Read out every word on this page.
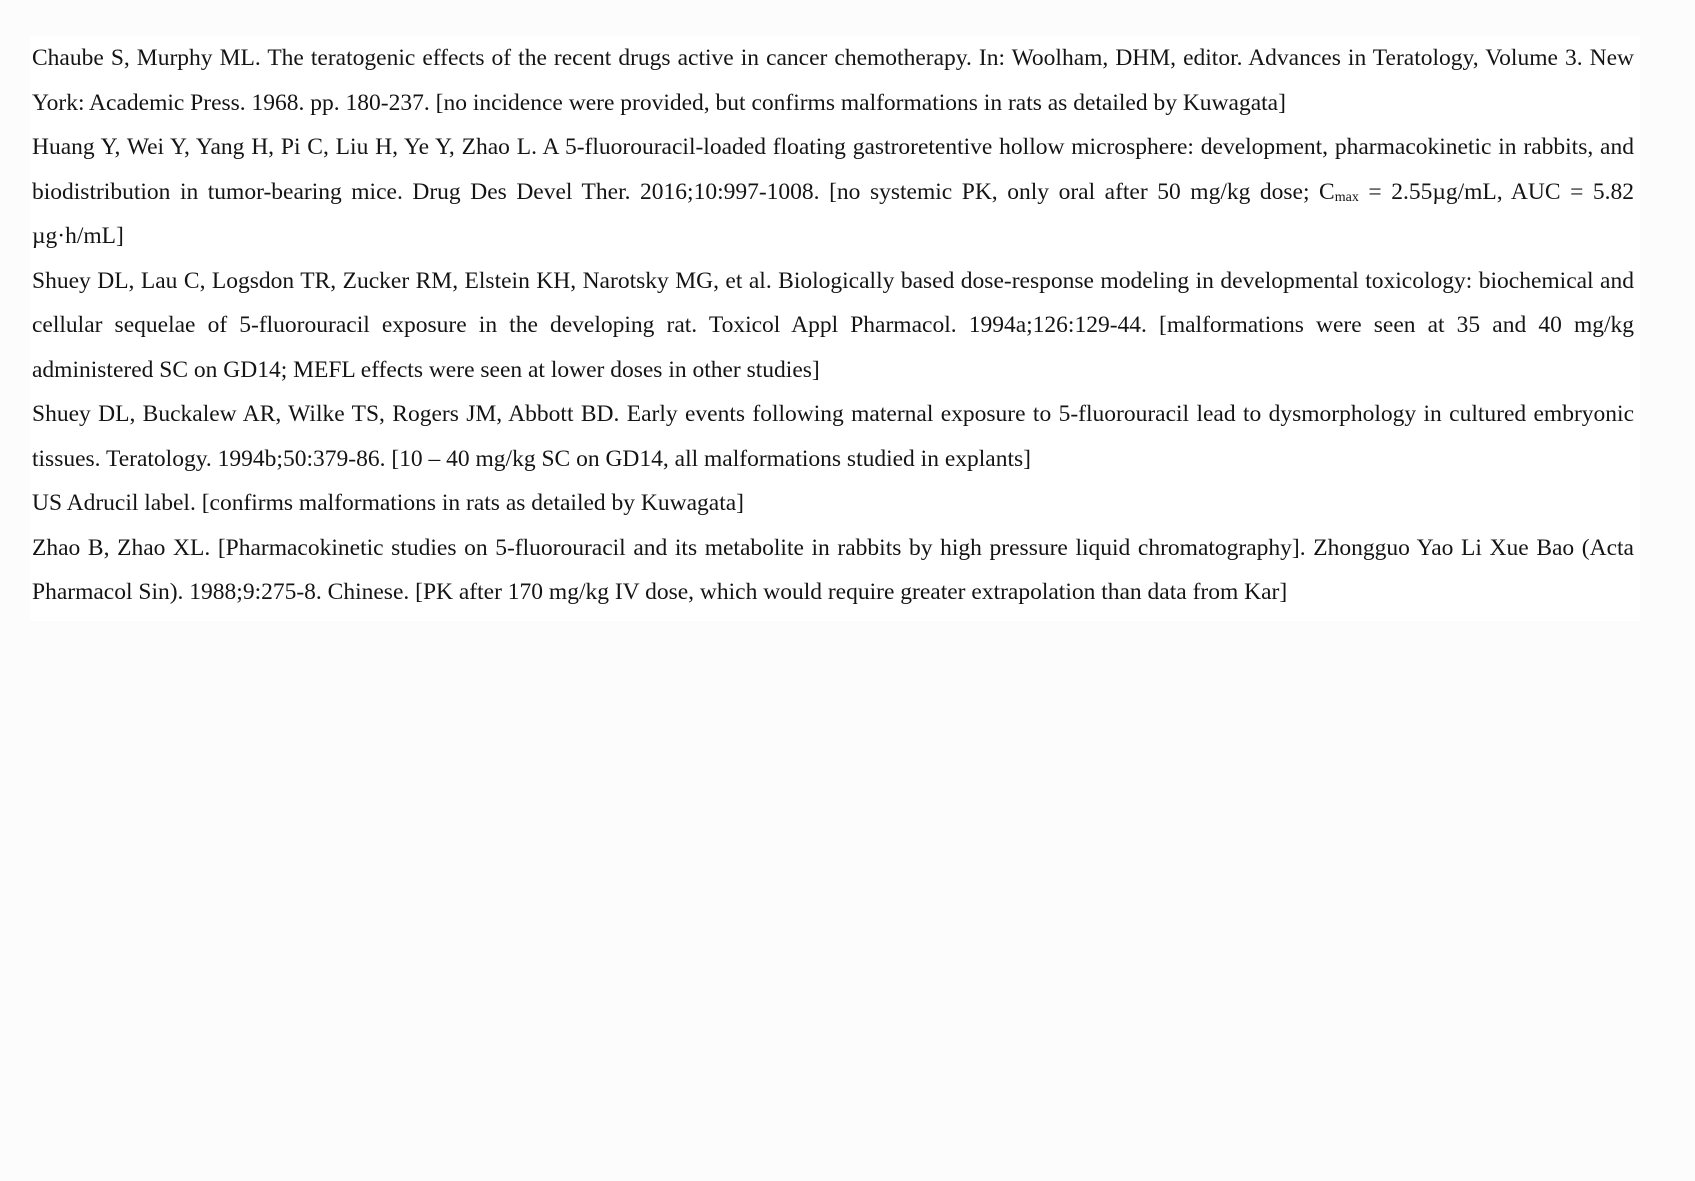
Chaube S, Murphy ML. The teratogenic effects of the recent drugs active in cancer chemotherapy. In: Woolham, DHM, editor. Advances in Teratology, Volume 3. New York: Academic Press. 1968. pp. 180-237. [no incidence were provided, but confirms malformations in rats as detailed by Kuwagata]

Huang Y, Wei Y, Yang H, Pi C, Liu H, Ye Y, Zhao L. A 5-fluorouracil-loaded floating gastroretentive hollow microsphere: development, pharmacokinetic in rabbits, and biodistribution in tumor-bearing mice. Drug Des Devel Ther. 2016;10:997-1008. [no systemic PK, only oral after 50 mg/kg dose; $C_{max} = 2.55\mu g/mL$, AUC = 5.82 µg·h/mL]

Shuey DL, Lau C, Logsdon TR, Zucker RM, Elstein KH, Narotsky MG, et al. Biologically based dose-response modeling in developmental toxicology: biochemical and cellular sequelae of 5-fluorouracil exposure in the developing rat. Toxicol Appl Pharmacol. 1994a;126:129-44. [malformations were seen at 35 and 40 mg/kg administered SC on GD14; MEFL effects were seen at lower doses in other studies]

Shuey DL, Buckalew AR, Wilke TS, Rogers JM, Abbott BD. Early events following maternal exposure to 5-fluorouracil lead to dysmorphology in cultured embryonic tissues. Teratology. 1994b;50:379-86. [10 – 40 mg/kg SC on GD14, all malformations studied in explants]

US Adrucil label. [confirms malformations in rats as detailed by Kuwagata]

Zhao B, Zhao XL. [Pharmacokinetic studies on 5-fluorouracil and its metabolite in rabbits by high pressure liquid chromatography]. Zhongguo Yao Li Xue Bao (Acta Pharmacol Sin). 1988;9:275-8. Chinese. [PK after 170 mg/kg IV dose, which would require greater extrapolation than data from Kar]
